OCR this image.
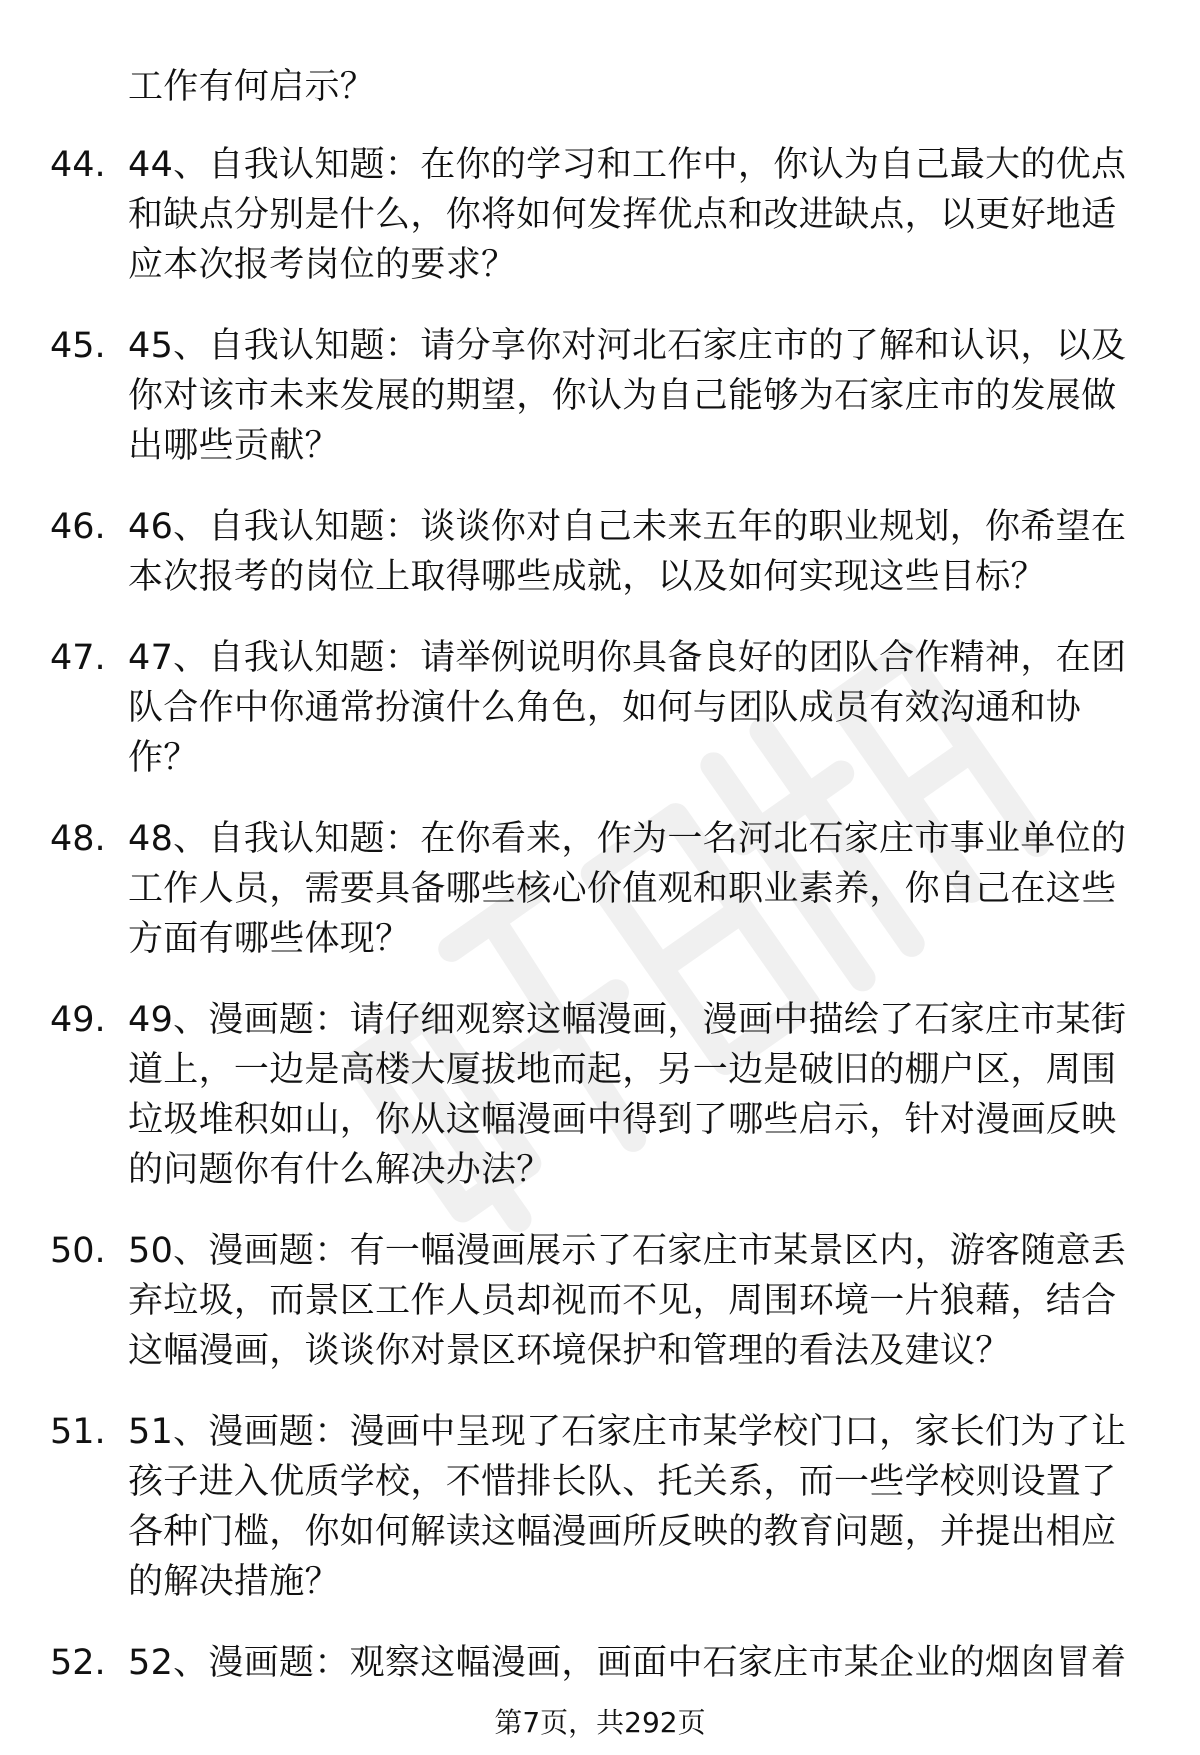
工作有何启示？
44. 44、自我认知题：在你的学习和工作中，你认为自己最大的优点和缺点分别是什么，你将如何发挥优点和改进缺点，以更好地适应本次报考岗位的要求？
45. 45、自我认知题：请分享你对河北石家庄市的了解和认识，以及你对该市未来发展的期望，你认为自己能够为石家庄市的发展做出哪些贡献？
46. 46、自我认知题：谈谈你对自己未来五年的职业规划，你希望在本次报考的岗位上取得哪些成就，以及如何实现这些目标？
47. 47、自我认知题：请举例说明你具备良好的团队合作精神，在团队合作中你通常扮演什么角色，如何与团队成员有效沟通和协作？
48. 48、自我认知题：在你看来，作为一名河北石家庄市事业单位的工作人员，需要具备哪些核心价值观和职业素养，你自己在这些方面有哪些体现？
49. 49、漫画题：请仔细观察这幅漫画，漫画中描绘了石家庄市某街道上，一边是高楼大厦拔地而起，另一边是破旧的棚户区，周围垃圾堆积如山，你从这幅漫画中得到了哪些启示，针对漫画反映的问题你有什么解决办法？
50. 50、漫画题：有一幅漫画展示了石家庄市某景区内，游客随意丢弃垃圾，而景区工作人员却视而不见，周围环境一片狼藉，结合这幅漫画，谈谈你对景区环境保护和管理的看法及建议？
51. 51、漫画题：漫画中呈现了石家庄市某学校门口，家长们为了让孩子进入优质学校，不惜排长队、托关系，而一些学校则设置了各种门槛，你如何解读这幅漫画所反映的教育问题，并提出相应的解决措施？
52. 52、漫画题：观察这幅漫画，画面中石家庄市某企业的烟囱冒着
第7页，共292页
